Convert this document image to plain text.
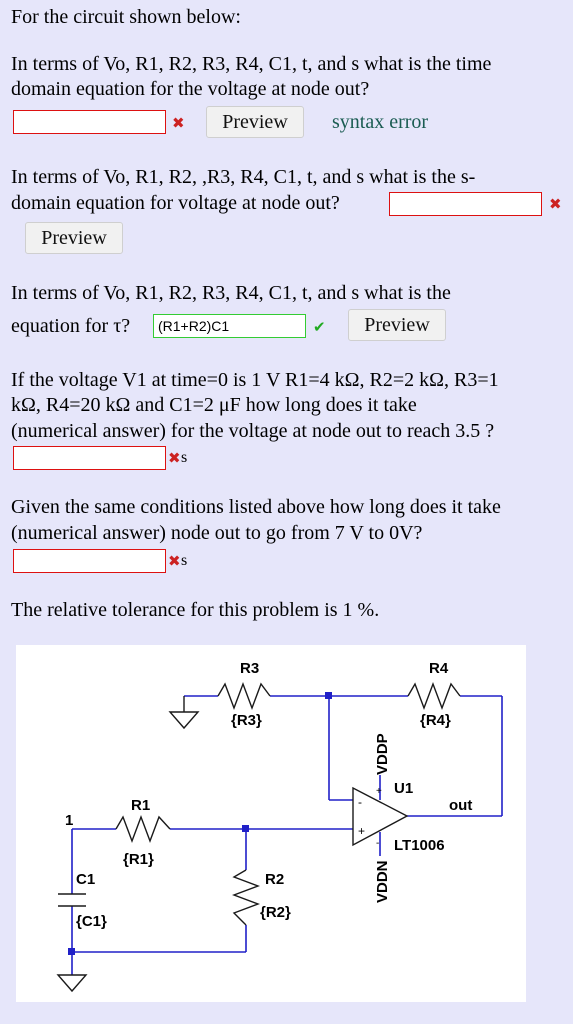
For the circuit shown below:
In terms of Vo, R1, R2, R3, R4, C1, t, and s what is the time
domain equation for the voltage at node out?
✖	Preview	syntax error
In terms of Vo, R1, R2, ,R3, R4, C1, t, and s what is the s-
domain equation for voltage at node out?	✖
Preview
In terms of Vo, R1, R2, R3, R4, C1, t, and s what is the
equation for τ? (R1+R2)C1	✔	Preview
If the voltage V1 at time=0 is 1 V R1=4 kΩ, R2=2 kΩ, R3=1
kΩ, R4=20 kΩ and C1=2 μF how long does it take
(numerical answer) for the voltage at node out to reach 3.5 ?
✖ s
Given the same conditions listed above how long does it take
(numerical answer) node out to go from 7 V to 0V?
✖ s
The relative tolerance for this problem is 1 %.
R3
{R3}
R4
{R4}
R1
{R1}
R2
{R2}
C1
{C1}
1
U1
LT1006
out
VDDP
VDDN
-
+
+
-
